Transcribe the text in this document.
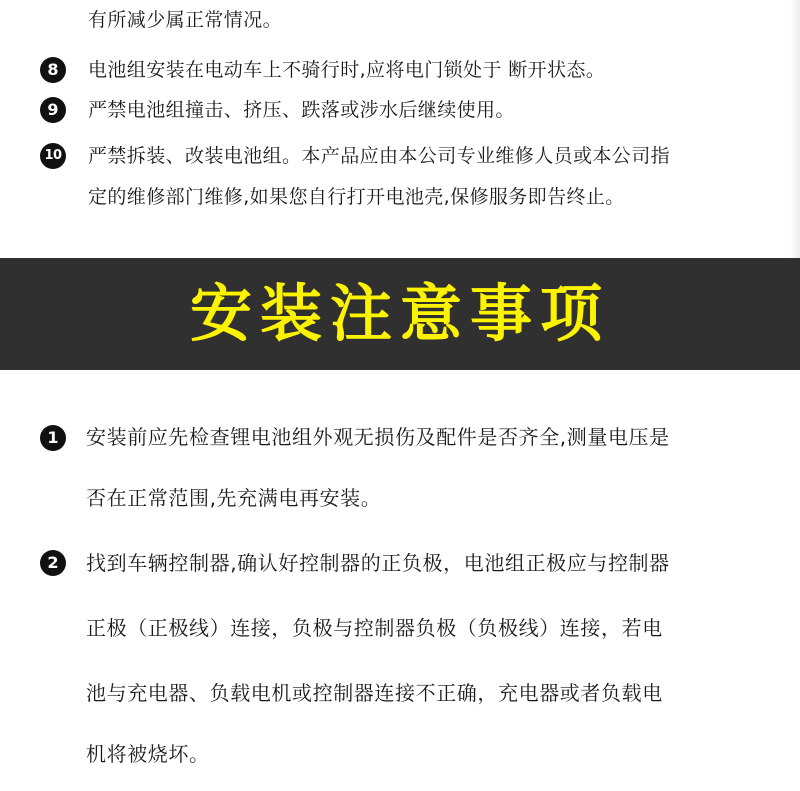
有所减少属正常情况。
8	电池组安装在电动车上不骑行时,应将电门锁处于 断开状态。
9	严禁电池组撞击、挤压、跌落或涉水后继续使用。
10 严禁拆装、改装电池组。本产品应由本公司专业维修人员或本公司指
定的维修部门维修,如果您自行打开电池壳,保修服务即告终止。
安装注意事项
1	安装前应先检查锂电池组外观无损伤及配件是否齐全,测量电压是
否在正常范围,先充满电再安装。
2	找到车辆控制器,确认好控制器的正负极，电池组正极应与控制器
正极（正极线）连接，负极与控制器负极（负极线）连接，若电
池与充电器、负载电机或控制器连接不正确，充电器或者负载电
机将被烧坏。
